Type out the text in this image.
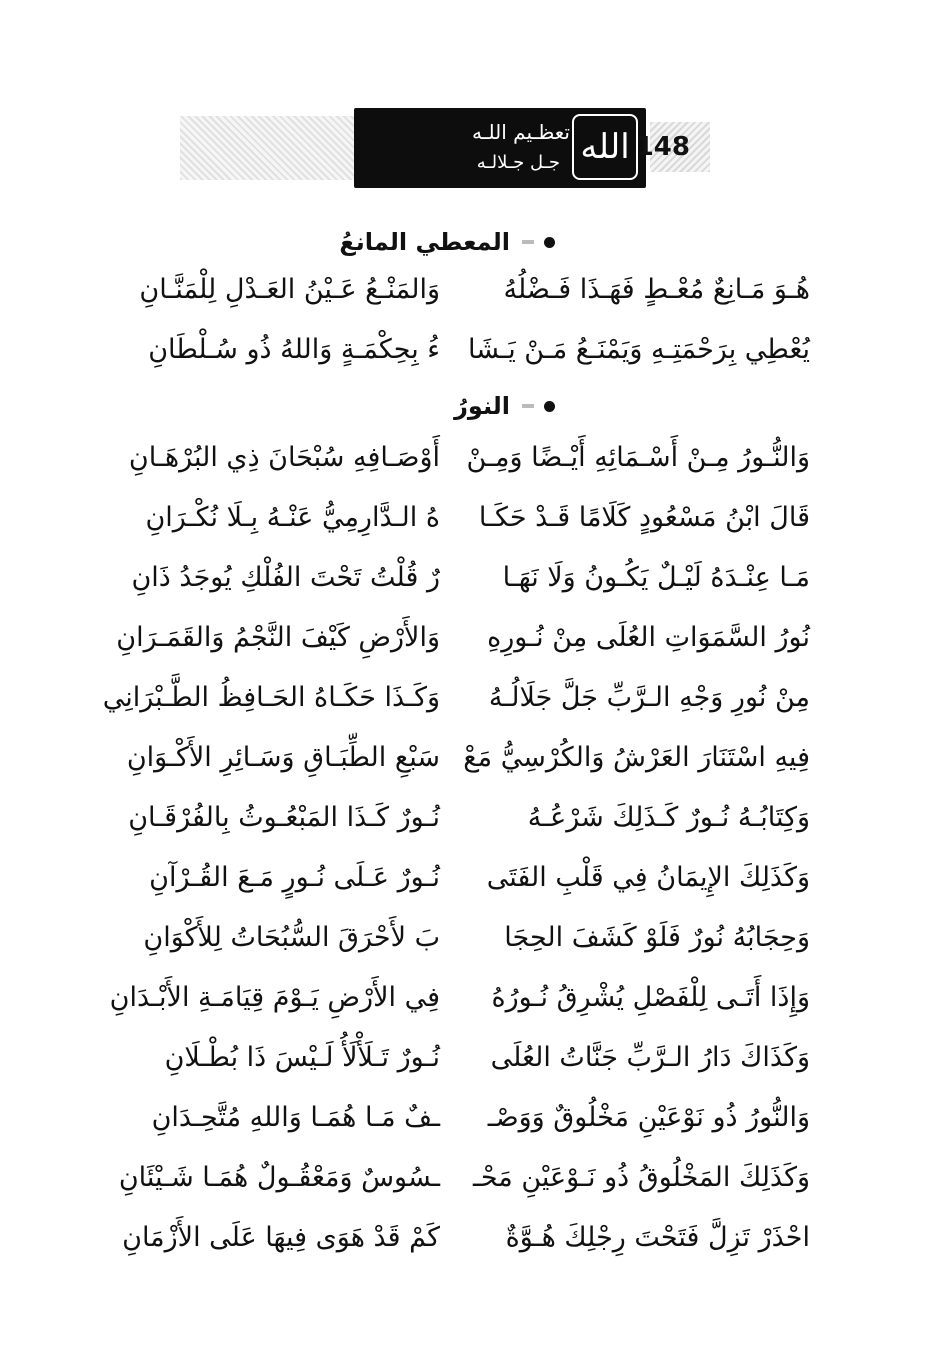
تعظـيم اللـه
جـل جـلالـه الله 148
المعطي المانعُ
هُـوَ مَـانِعٌ مُعْـطٍ فَهَـذَا فَـضْلُهُ
وَالمَنْـعُ عَـيْنُ العَـدْلِ لِلْمَنَّـانِ
يُعْطِي بِرَحْمَتِـهِ وَيَمْنَـعُ مَـنْ يَـشَا
ءُ بِحِكْمَـةٍ وَاللهُ ذُو سُـلْطَانِ
النورُ
وَالنُّـورُ مِـنْ أَسْـمَائِهِ أَيْـضًا وَمِـنْ
أَوْصَـافِهِ سُبْحَانَ ذِي البُرْهَـانِ
قَالَ ابْنُ مَسْعُودٍ كَلَامًا قَـدْ حَكَـا
هُ الـدَّارِمِيُّ عَنْـهُ بِـلَا نُكْـرَانِ
مَـا عِنْـدَهُ لَيْـلٌ يَكُـونُ وَلَا نَهَـا
رٌ قُلْتُ تَحْتَ الفُلْكِ يُوجَدُ ذَانِ
نُورُ السَّمَوَاتِ العُلَى مِنْ نُـورِهِ
وَالأَرْضِ كَيْفَ النَّجْمُ وَالقَمَـرَانِ
مِنْ نُورِ وَجْهِ الـرَّبِّ جَلَّ جَلَالُـهُ
وَكَـذَا حَكَـاهُ الحَـافِظُ الطَّـبْرَانِي
فِيهِ اسْتَنَارَ العَرْشُ وَالكُرْسِيُّ مَعْ
سَبْعِ الطِّبَـاقِ وَسَـائِرِ الأَكْـوَانِ
وَكِتَابُـهُ نُـورٌ كَـذَلِكَ شَرْعُـهُ
نُـورٌ كَـذَا المَبْعُـوثُ بِالفُرْقَـانِ
وَكَذَلِكَ الإِيمَانُ فِي قَلْبِ الفَتَى
نُـورٌ عَـلَى نُـورٍ مَـعَ القُـرْآنِ
وَحِجَابُهُ نُورٌ فَلَوْ كَشَفَ الحِجَا
بَ لأَحْرَقَ السُّبُحَاتُ لِلأَكْوَانِ
وَإِذَا أَتَـى لِلْفَصْلِ يُشْرِقُ نُـورُهُ
فِي الأَرْضِ يَـوْمَ قِيَامَـةِ الأَبْـدَانِ
وَكَذَاكَ دَارُ الـرَّبِّ جَنَّاتُ العُلَى
نُـورٌ تَـلَأْلَأُ لَـيْسَ ذَا بُطْـلَانِ
وَالنُّورُ ذُو نَوْعَيْنِ مَخْلُوقٌ وَوَصْـ
ـفٌ مَـا هُمَـا وَاللهِ مُتَّحِـدَانِ
وَكَذَلِكَ المَخْلُوقُ ذُو نَـوْعَيْنِ مَحْـ
ـسُوسٌ وَمَعْقُـولٌ هُمَـا شَـيْئَانِ
احْذَرْ تَزِلَّ فَتَحْتَ رِجْلِكَ هُـوَّةٌ
كَمْ قَدْ هَوَى فِيهَا عَلَى الأَزْمَانِ
